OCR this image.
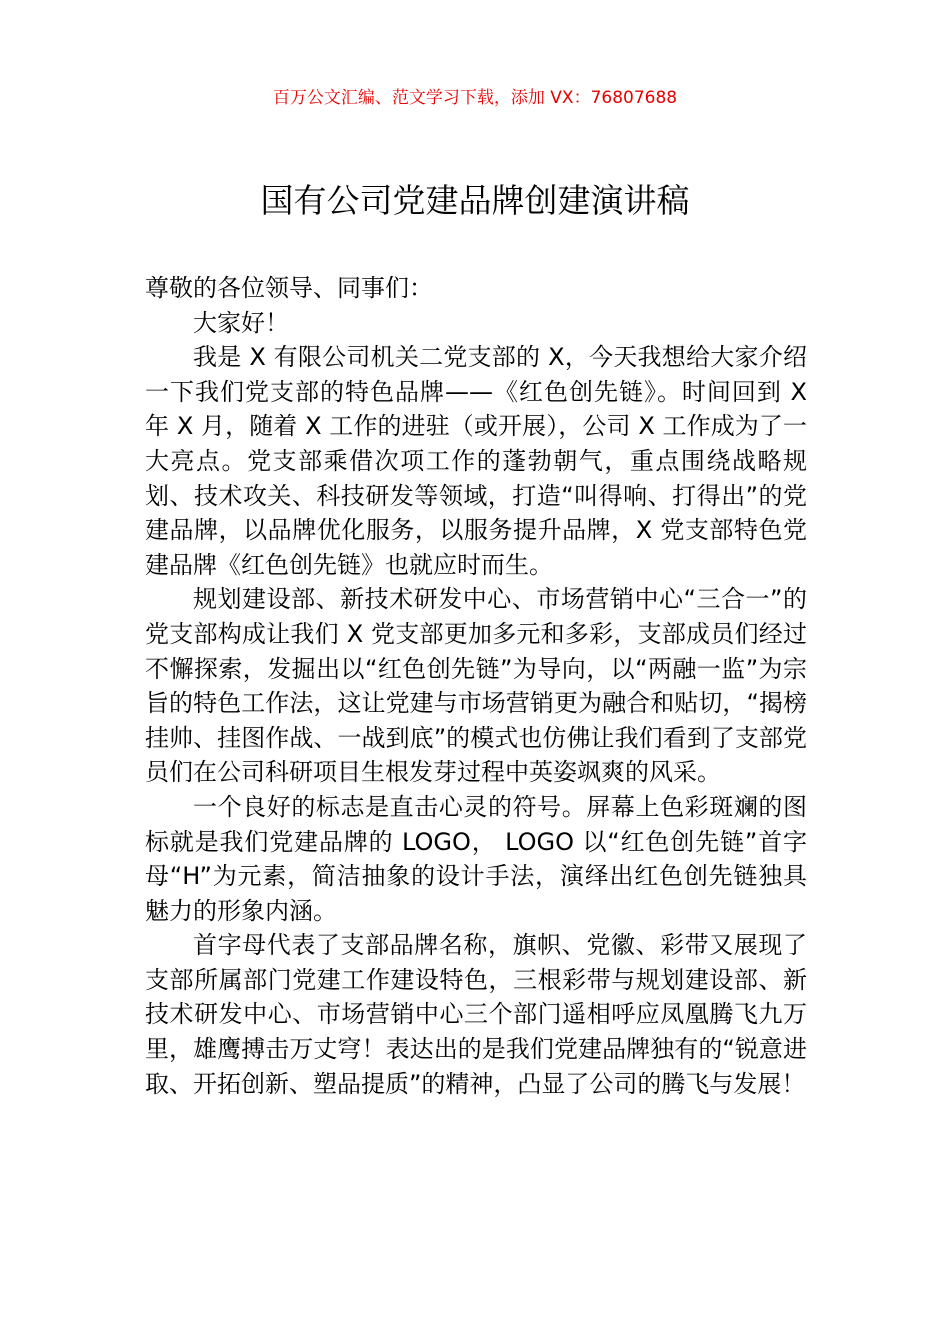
百万公文汇编、范文学习下载，添加 VX：76807688
国有公司党建品牌创建演讲稿

尊敬的各位领导、同事们：

大家好！

我是 X 有限公司机关二党支部的 X，今天我想给大家介绍一下我们党支部的特色品牌——《红色创先链》。时间回到 X 年 X 月，随着 X 工作的进驻（或开展），公司 X 工作成为了一大亮点。党支部乘借次项工作的蓬勃朝气，重点围绕战略规划、技术攻关、科技研发等领域，打造“叫得响、打得出”的党建品牌，以品牌优化服务，以服务提升品牌，X 党支部特色党建品牌《红色创先链》也就应时而生。

规划建设部、新技术研发中心、市场营销中心“三合一”的党支部构成让我们 X 党支部更加多元和多彩，支部成员们经过不懈探索，发掘出以“红色创先链”为导向，以“两融一监”为宗旨的特色工作法，这让党建与市场营销更为融合和贴切，“揭榜挂帅、挂图作战、一战到底”的模式也仿佛让我们看到了支部党员们在公司科研项目生根发芽过程中英姿飒爽的风采。

一个良好的标志是直击心灵的符号。屏幕上色彩斑斓的图标就是我们党建品牌的 LOGO， LOGO 以“红色创先链”首字母“H”为元素，简洁抽象的设计手法，演绎出红色创先链独具魅力的形象内涵。

首字母代表了支部品牌名称，旗帜、党徽、彩带又展现了支部所属部门党建工作建设特色，三根彩带与规划建设部、新技术研发中心、市场营销中心三个部门遥相呼应凤凰腾飞九万里，雄鹰搏击万丈穹！表达出的是我们党建品牌独有的“锐意进取、开拓创新、塑品提质”的精神，凸显了公司的腾飞与发展！
